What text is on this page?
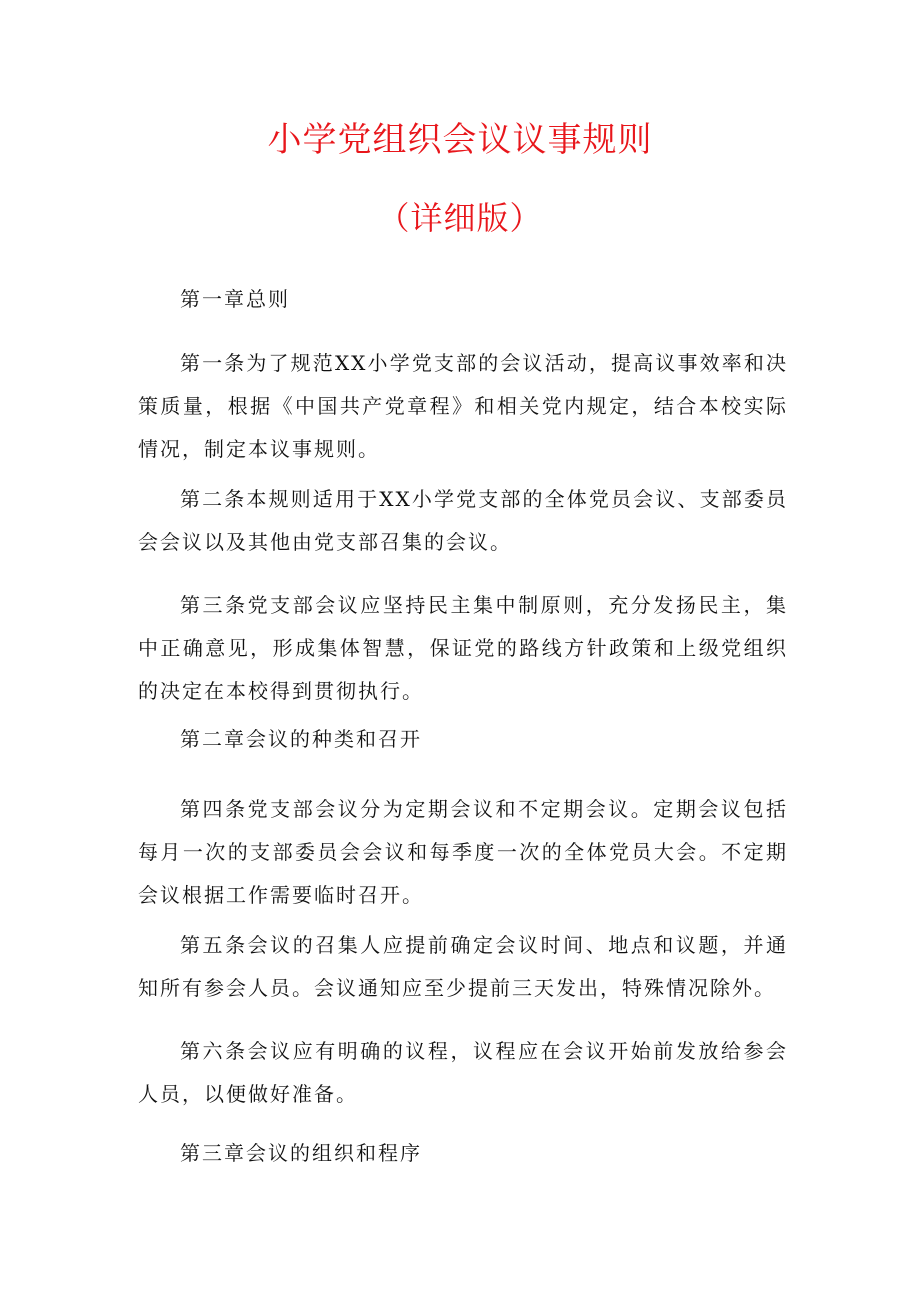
小学党组织会议议事规则
（详细版）

第一章总则

第一条为了规范XX小学党支部的会议活动，提高议事效率和决策质量，根据《中国共产党章程》和相关党内规定，结合本校实际情况，制定本议事规则。

第二条本规则适用于XX小学党支部的全体党员会议、支部委员会会议以及其他由党支部召集的会议。

第三条党支部会议应坚持民主集中制原则，充分发扬民主，集中正确意见，形成集体智慧，保证党的路线方针政策和上级党组织的决定在本校得到贯彻执行。

第二章会议的种类和召开

第四条党支部会议分为定期会议和不定期会议。定期会议包括每月一次的支部委员会会议和每季度一次的全体党员大会。不定期会议根据工作需要临时召开。

第五条会议的召集人应提前确定会议时间、地点和议题，并通知所有参会人员。会议通知应至少提前三天发出，特殊情况除外。

第六条会议应有明确的议程，议程应在会议开始前发放给参会人员，以便做好准备。

第三章会议的组织和程序
